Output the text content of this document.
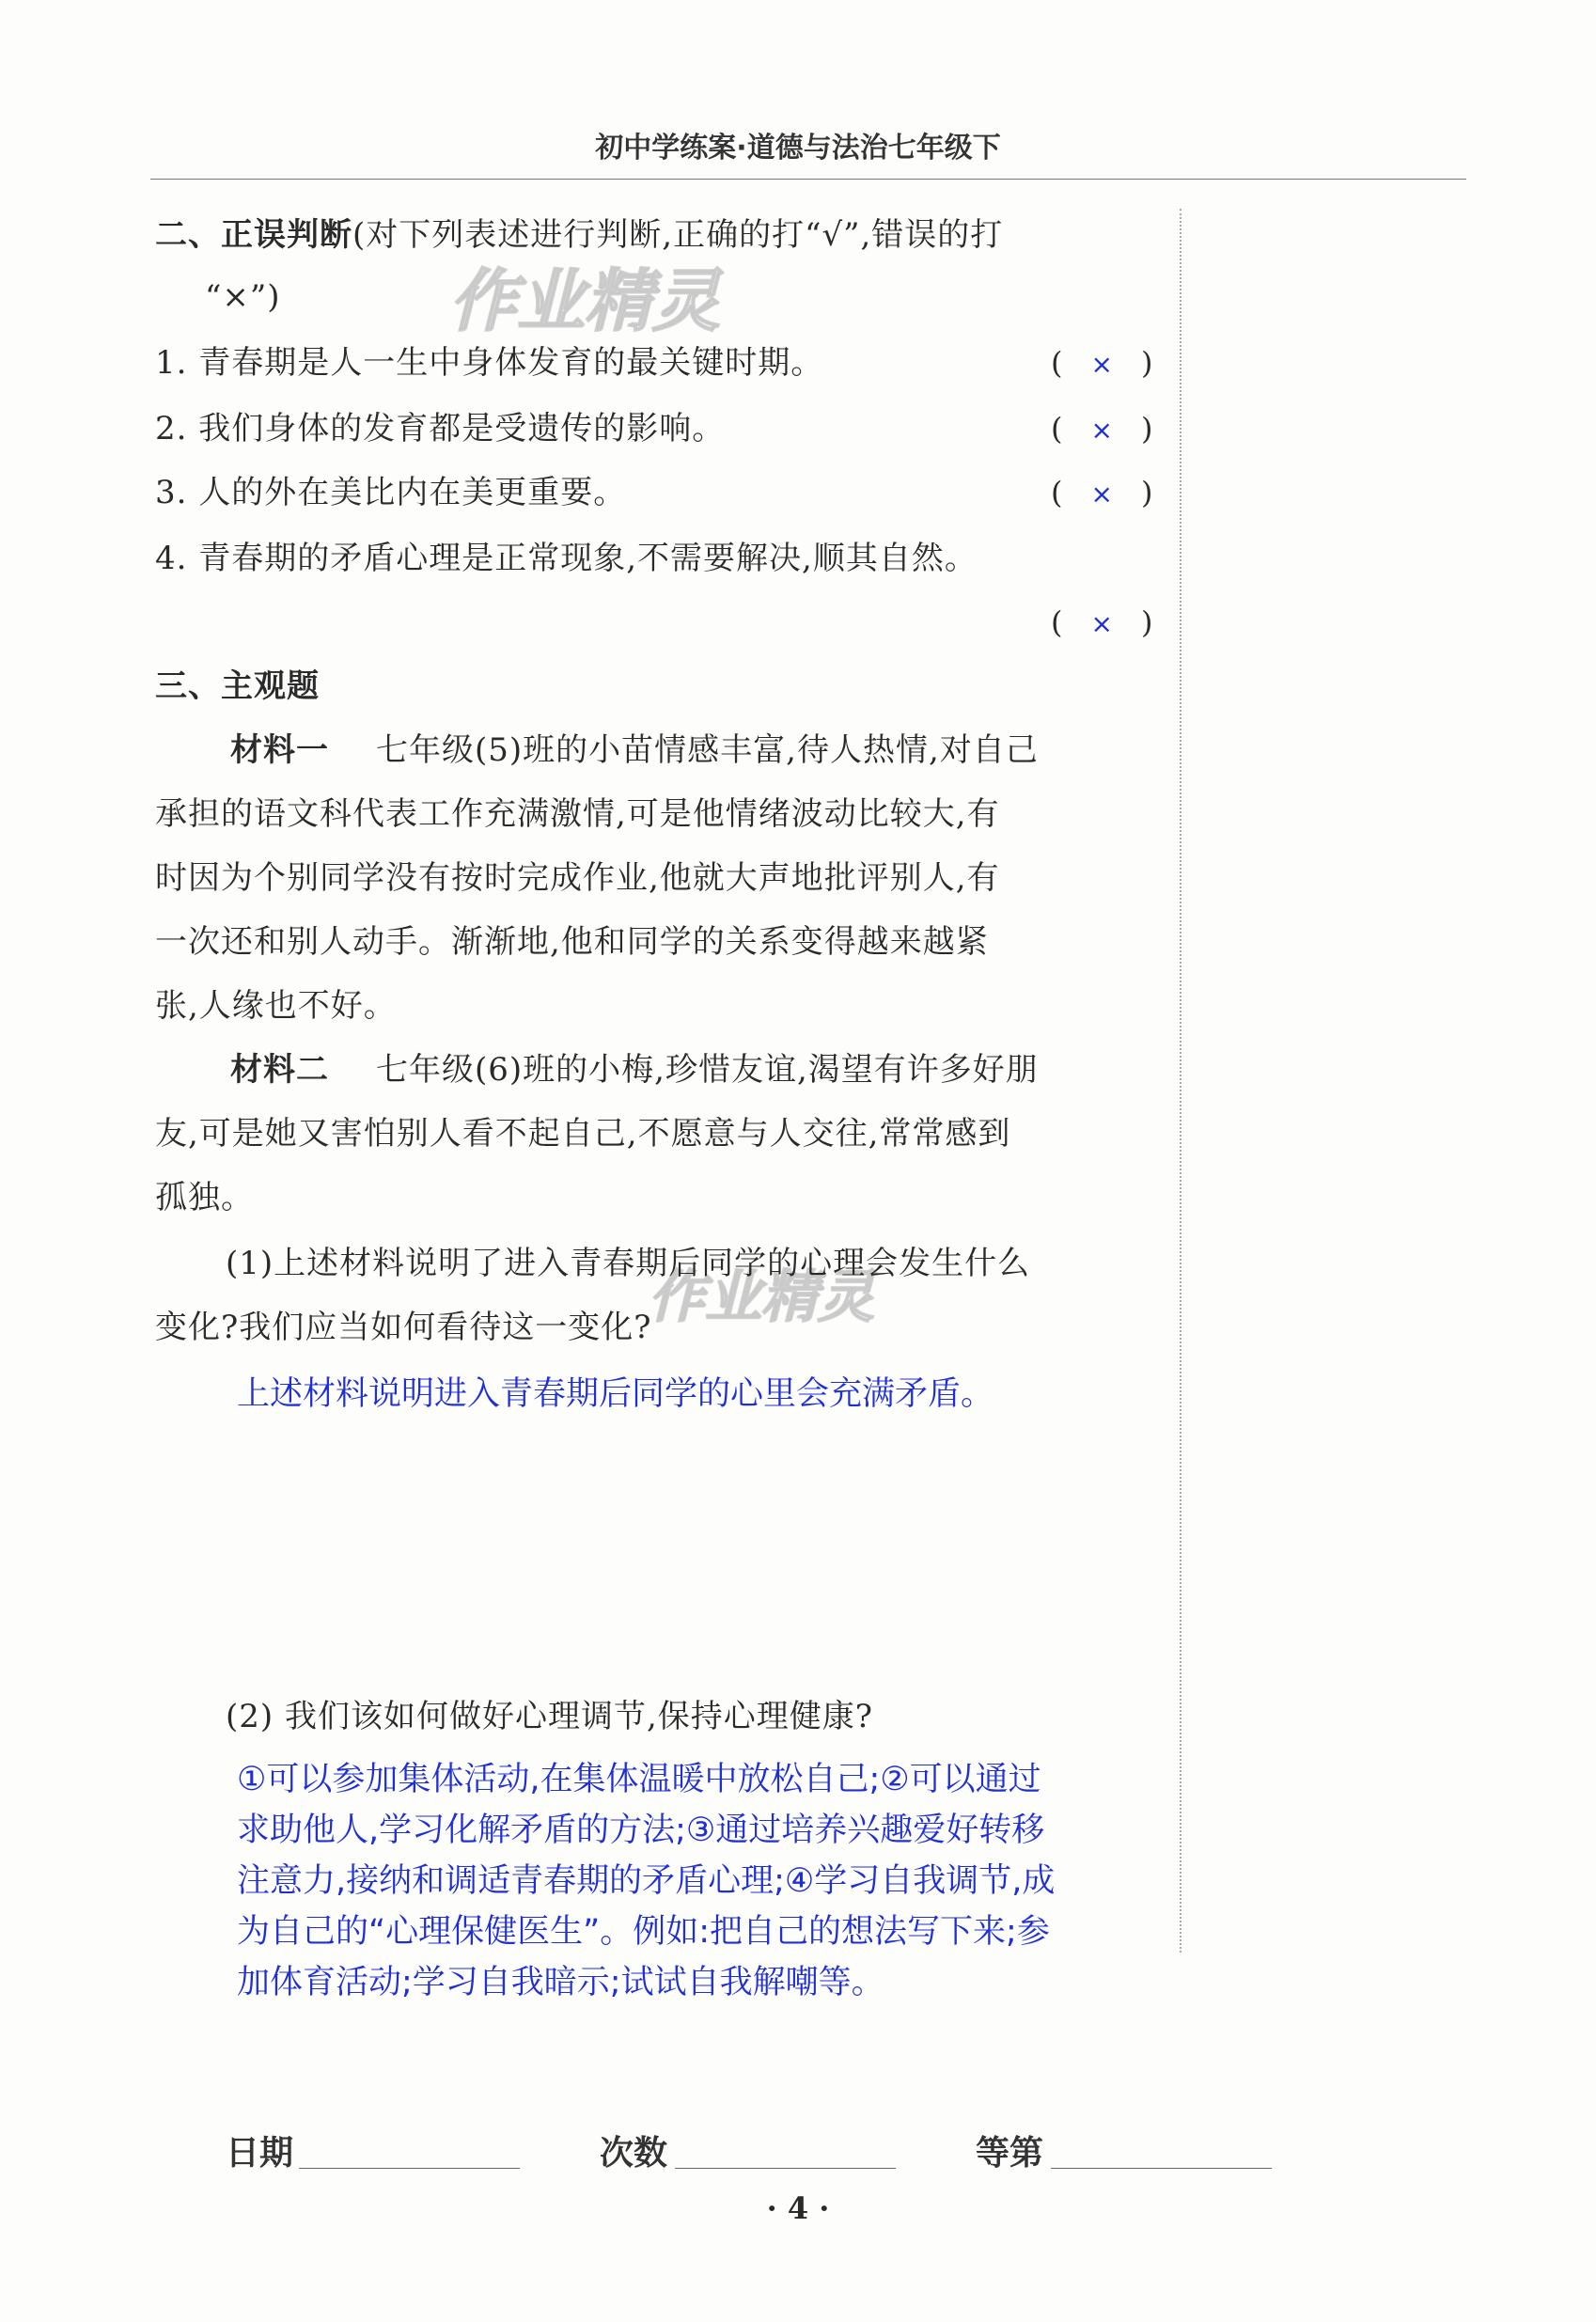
初中学练案·道德与法治七年级下
作业精灵
作业精灵
二、正误判断(对下列表述进行判断,正确的打“√”,错误的打
“×”)
1. 青春期是人一生中身体发育的最关键时期。	( × )
2. 我们身体的发育都是受遗传的影响。	( × )
3. 人的外在美比内在美更重要。	( × )
4. 青春期的矛盾心理是正常现象,不需要解决,顺其自然。
( × )
三、主观题
材料一 七年级(5)班的小苗情感丰富,待人热情,对自己
承担的语文科代表工作充满激情,可是他情绪波动比较大,有
时因为个别同学没有按时完成作业,他就大声地批评别人,有
一次还和别人动手。渐渐地,他和同学的关系变得越来越紧
张,人缘也不好。
材料二 七年级(6)班的小梅,珍惜友谊,渴望有许多好朋
友,可是她又害怕别人看不起自己,不愿意与人交往,常常感到
孤独。
(1)上述材料说明了进入青春期后同学的心理会发生什么
变化?我们应当如何看待这一变化?
上述材料说明进入青春期后同学的心里会充满矛盾。
(2) 我们该如何做好心理调节,保持心理健康?
①可以参加集体活动,在集体温暖中放松自己;②可以通过
求助他人,学习化解矛盾的方法;③通过培养兴趣爱好转移
注意力,接纳和调适青春期的矛盾心理;④学习自我调节,成
为自己的“心理保健医生”。例如:把自己的想法写下来;参
加体育活动;学习自我暗示;试试自我解嘲等。
日期	次数	等第
· 4 ·
